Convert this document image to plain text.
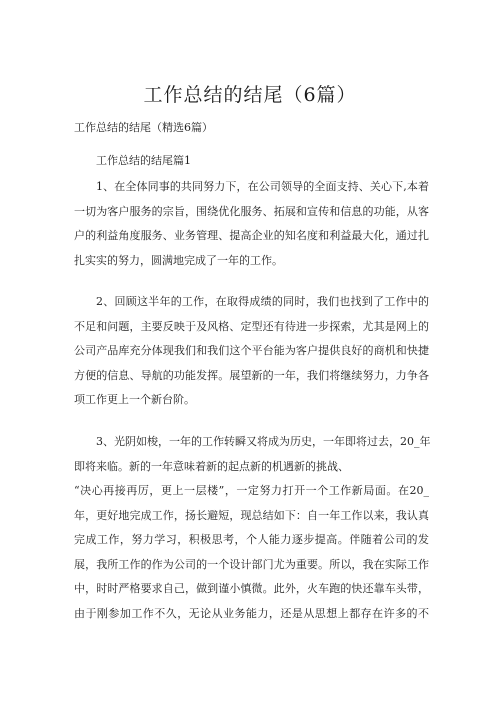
工作总结的结尾（6篇）
工作总结的结尾（精选6篇）
工作总结的结尾篇1
1、在全体同事的共同努力下，在公司领导的全面支持、关心下,本着
一切为客户服务的宗旨，围绕优化服务、拓展和宣传和信息的功能，从客
户的利益角度服务、业务管理、提高企业的知名度和利益最大化，通过扎
扎实实的努力，圆满地完成了一年的工作。
2、回顾这半年的工作，在取得成绩的同时，我们也找到了工作中的
不足和问题，主要反映于及风格、定型还有待进一步探索，尤其是网上的
公司产品库充分体现我们和我们这个平台能为客户提供良好的商机和快捷
方便的信息、导航的功能发挥。展望新的一年，我们将继续努力，力争各
项工作更上一个新台阶。
3、光阴如梭，一年的工作转瞬又将成为历史，一年即将过去，20_年
即将来临。新的一年意味着新的起点新的机遇新的挑战、
“决心再接再厉，更上一层楼”，一定努力打开一个工作新局面。在20_
年，更好地完成工作，扬长避短，现总结如下：自一年工作以来，我认真
完成工作，努力学习，积极思考，个人能力逐步提高。伴随着公司的发
展，我所工作的作为公司的一个设计部门尤为重要。所以，我在实际工作
中，时时严格要求自己，做到谨小慎微。此外，火车跑的快还靠车头带，
由于刚参加工作不久，无论从业务能力，还是从思想上都存在许多的不
